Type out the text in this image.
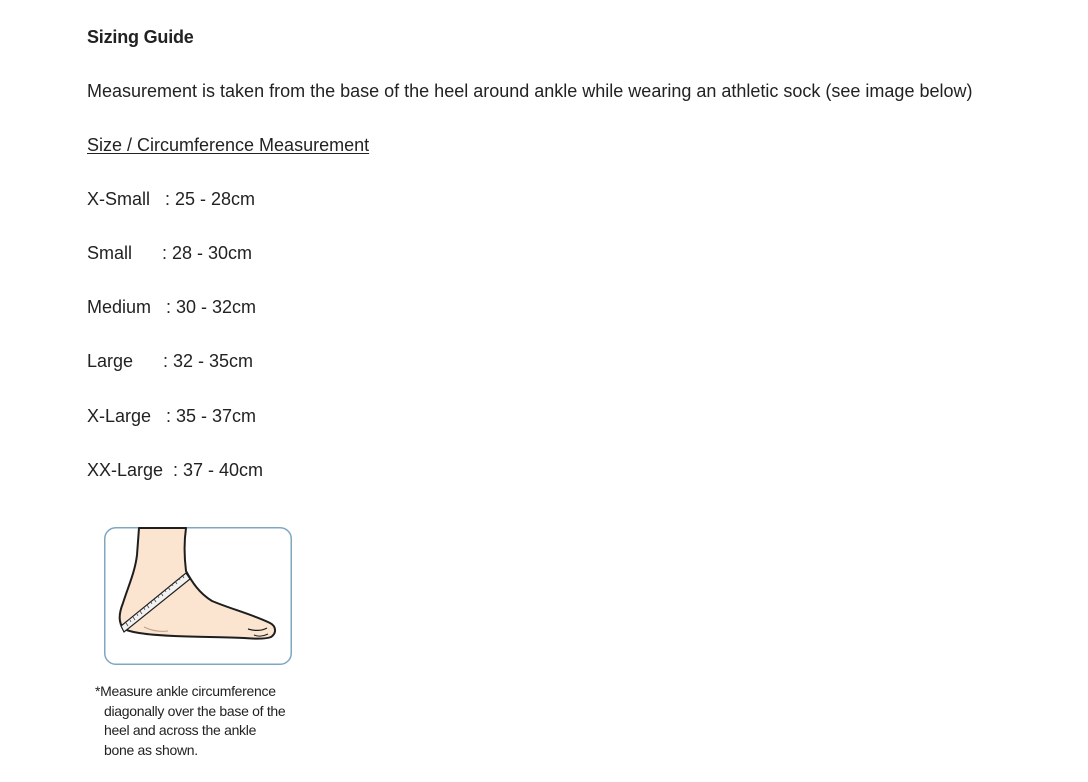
Sizing Guide
Measurement is taken from the base of the heel around ankle while wearing an athletic sock (see image below)
Size / Circumference Measurement
X-Small : 25 - 28cm
Small : 28 - 30cm
Medium : 30 - 32cm
Large : 32 - 35cm
X-Large : 35 - 37cm
XX-Large : 37 - 40cm
*Measure ankle circumference
diagonally over the base of the
heel and across the ankle
bone as shown.
